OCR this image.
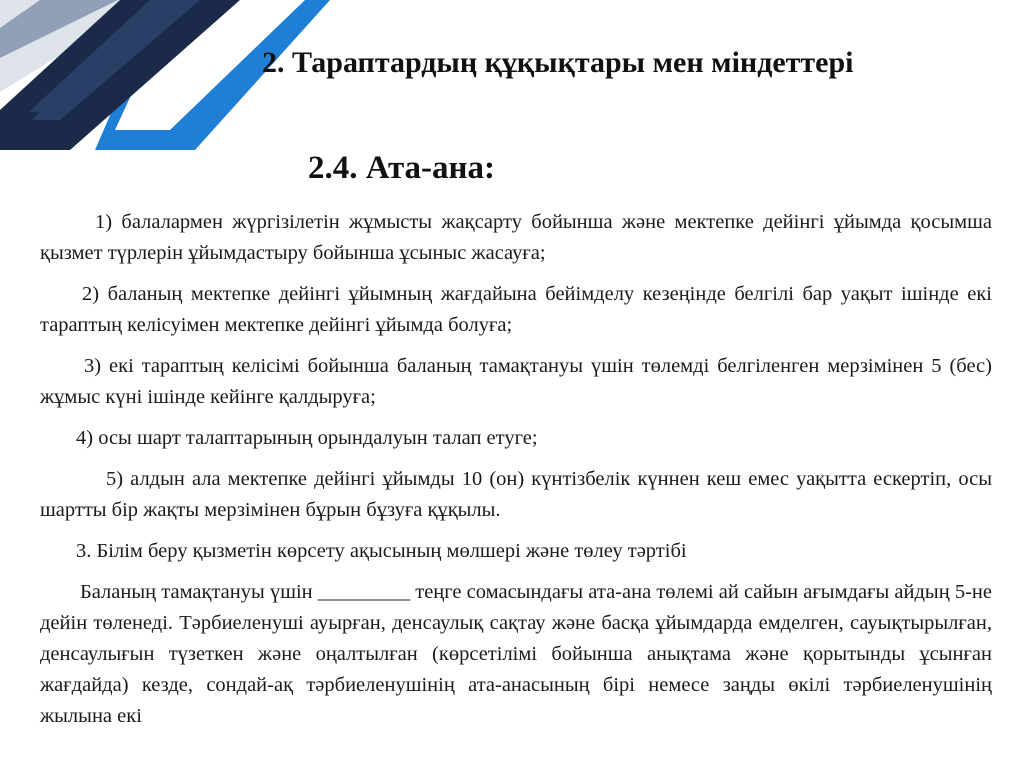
2. Тараптардың құқықтары мен міндеттері
2.4. Ата-ана:

1) балалармен жүргізілетін жұмысты жақсарту бойынша және мектепке дейінгі ұйымда қосымша қызмет түрлерін ұйымдастыру бойынша ұсыныс жасауға;

2) баланың мектепке дейінгі ұйымның жағдайына бейімделу кезеңінде белгілі бар уақыт ішінде екі тараптың келісуімен мектепке дейінгі ұйымда болуға;

3) екі тараптың келісімі бойынша баланың тамақтануы үшін төлемді белгіленген мерзімінен 5 (бес) жұмыс күні ішінде кейінге қалдыруға;

4) осы шарт талаптарының орындалуын талап етуге;

5) алдын ала мектепке дейінгі ұйымды 10 (он) күнтізбелік күннен кеш емес уақытта ескертіп, осы шартты бір жақты мерзімінен бұрын бұзуға құқылы.

3. Білім беру қызметін көрсету ақысының мөлшері және төлеу тәртібі

Баланың тамақтануы үшін _________ теңге сомасындағы ата-ана төлемі ай сайын ағымдағы айдың 5-не дейін төленеді. Тәрбиеленуші ауырған, денсаулық сақтау және басқа ұйымдарда емделген, сауықтырылған, денсаулығын түзеткен және оңалтылған (көрсетілімі бойынша анықтама және қорытынды ұсынған жағдайда) кезде, сондай-ақ тәрбиеленушінің ата-анасының бірі немесе заңды өкілі тәрбиеленушінің жылына екі
